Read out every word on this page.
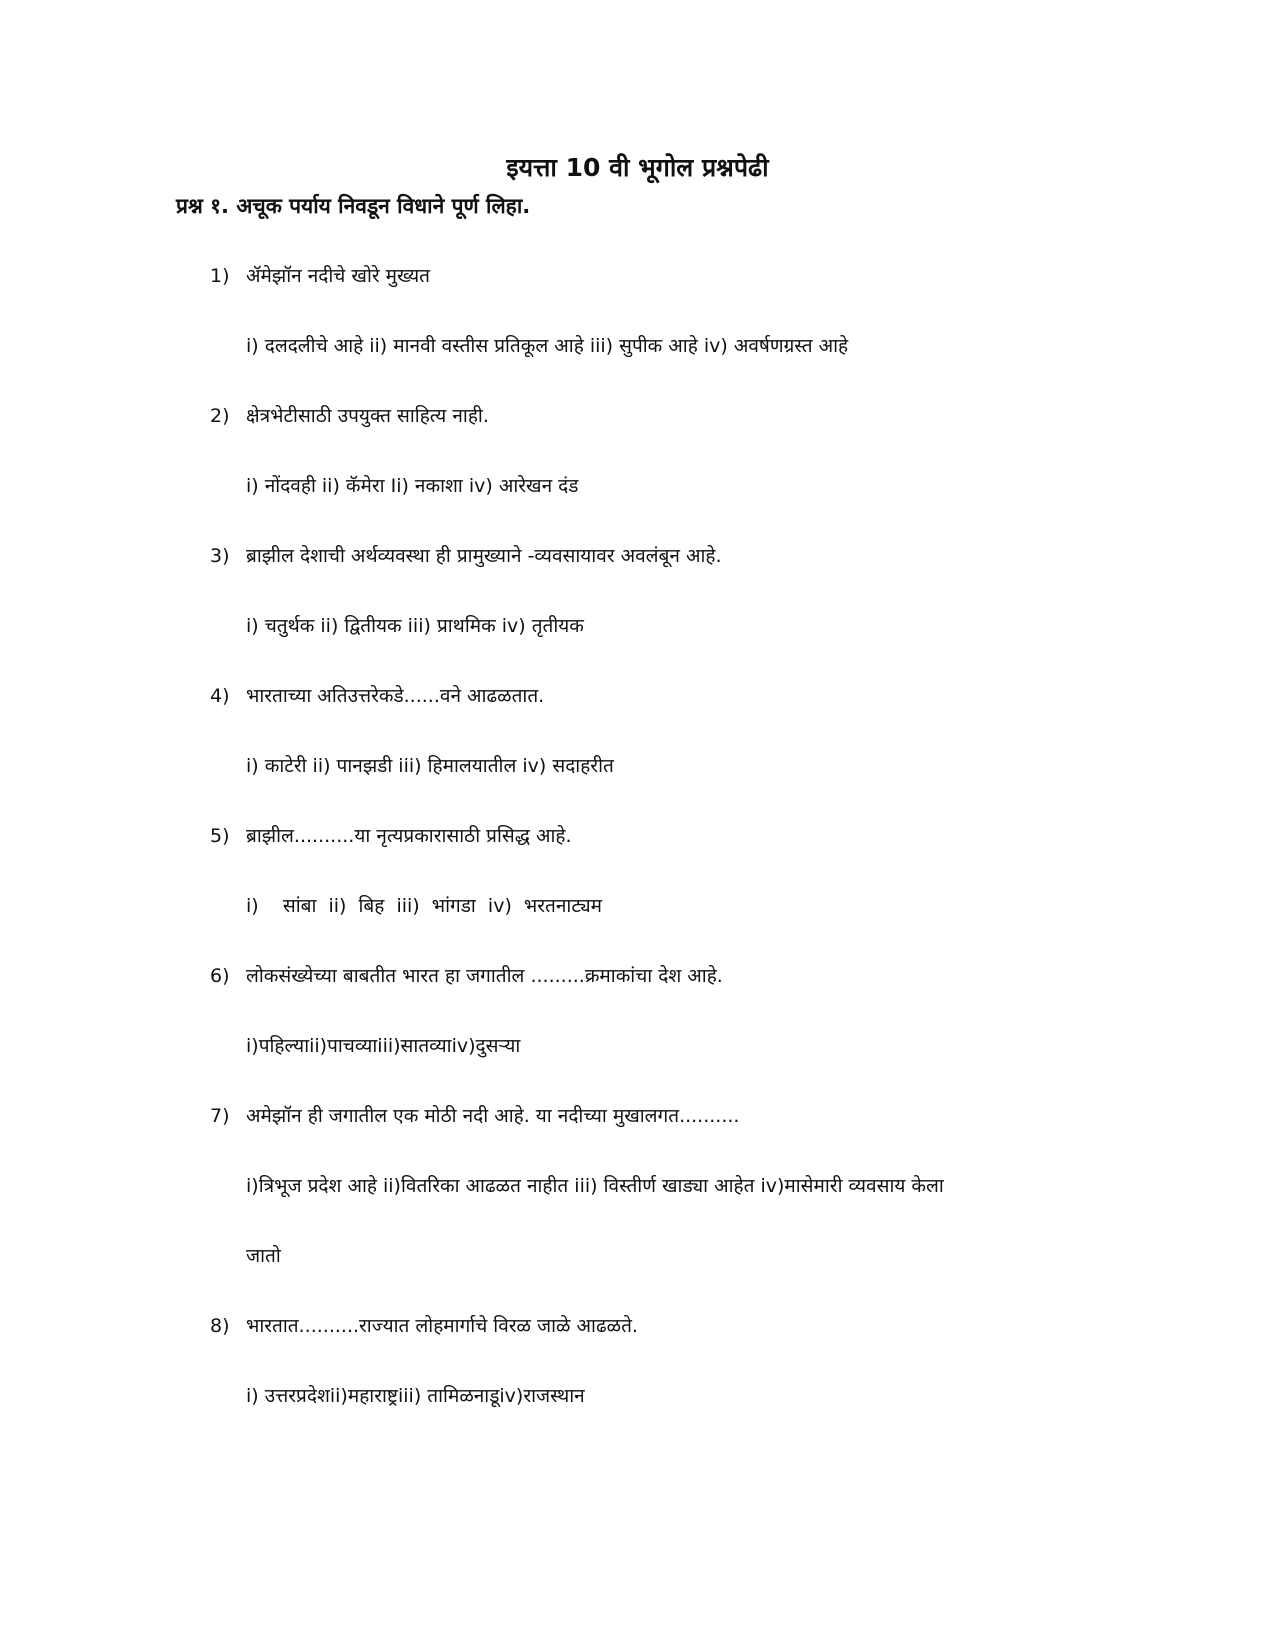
इयत्ता 10 वी भूगोल प्रश्नपेढी

प्रश्न १. अचूक पर्याय निवडून विधाने पूर्ण लिहा.

1) ॲमेझॉन नदीचे खोरे मुख्यत
i) दलदलीचे आहे ii) मानवी वस्तीस प्रतिकूल आहे iii) सुपीक आहे iv) अवर्षणग्रस्त आहे
2) क्षेत्रभेटीसाठी उपयुक्त साहित्य नाही.
i) नोंदवही ii) कॅमेरा Ii) नकाशा iv) आरेखन दंड
3) ब्राझील देशाची अर्थव्यवस्था ही प्रामुख्याने -व्यवसायावर अवलंबून आहे.
i) चतुर्थक ii) द्वितीयक iii) प्राथमिक iv) तृतीयक
4) भारताच्या अतिउत्तरेकडे......वने आढळतात.
i) काटेरी ii) पानझडी iii) हिमालयातील iv) सदाहरीत
5) ब्राझील..........या नृत्यप्रकारासाठी प्रसिद्ध आहे.
i)    सांबा  ii)  बिह  iii)  भांगडा  iv)  भरतनाट्यम
6) लोकसंख्येच्या बाबतीत भारत हा जगातील .........क्रमाकांचा देश आहे.
i)पहिल्याii)पाचव्याiii)सातव्याiv)दुसऱ्या
7) अमेझॉन ही जगातील एक मोठी नदी आहे. या नदीच्या मुखालगत..........
i)त्रिभूज प्रदेश आहे ii)वितरिका आढळत नाहीत iii) विस्तीर्ण खाड्या आहेत iv)मासेमारी व्यवसाय केला
जातो
8) भारतात..........राज्यात लोहमार्गाचे विरळ जाळे आढळते.
i) उत्तरप्रदेशii)महाराष्ट्रiii) तामिळनाडूiv)राजस्थान
